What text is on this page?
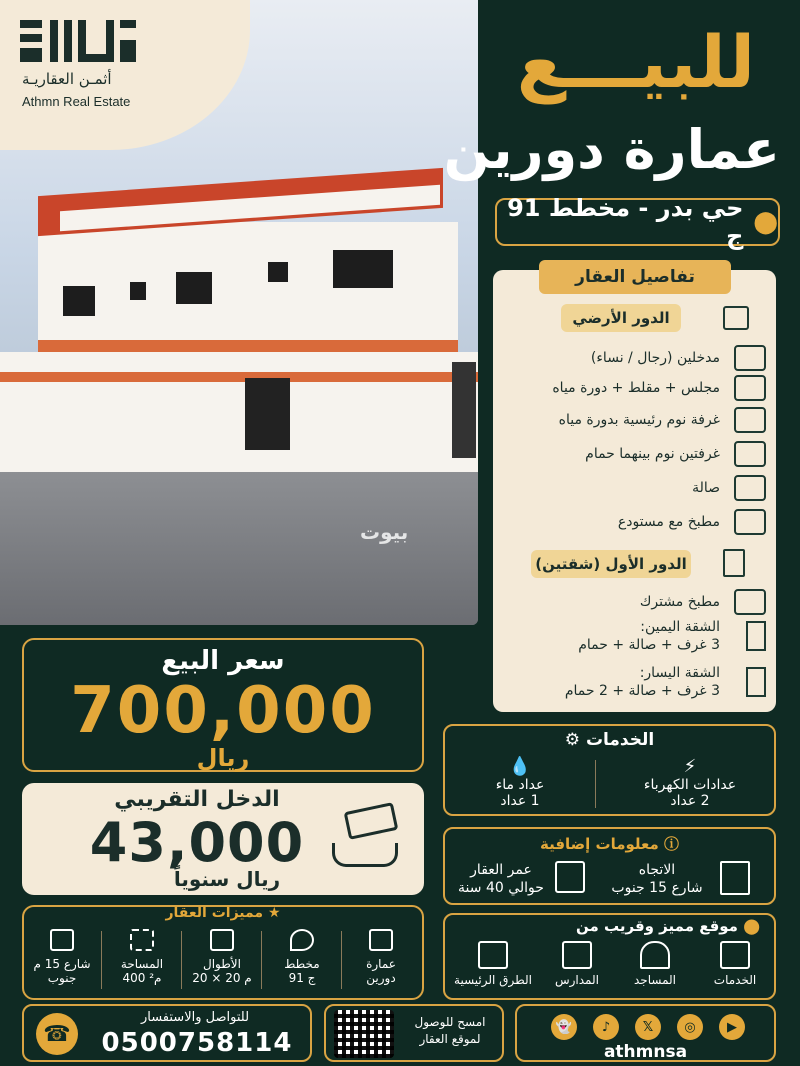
بيوت
أثمـن العقاريـة
Athmn Real Estate	للبيـــع
عمارة دورين
⬤
حي بدر - مخطط 91 ج
تفاصيل العقار
الدور الأرضي
مدخلين (رجال / نساء)
مجلس + مقلط + دورة مياه
غرفة نوم رئيسية بدورة مياه
غرفتين نوم بينهما حمام
صالة
مطبخ مع مستودع
الدور الأول (شقتين)
مطبخ مشترك
الشقة اليمين:
3 غرف + صالة + حمام
الشقة اليسار:
3 غرف + صالة + 2 حمام
سعر البيع
700,000
ريال
الدخل التقريبي
43,000
ريال سنوياً
★ مميزات العقار
عمارة
دورين
مخطط
91 ج
الأطوال
20 × 20 م
المساحة
400 م²
شارع 15 م
جنوب
الخدمات ⚙
⚡
عدادات الكهرباء
2 عداد
💧
عداد ماء
1 عداد
ⓘ معلومات إضافية
الاتجاه
شارع 15 جنوب
عمر العقار
حوالي 40 سنة
⬤ موقع مميز وقريب من
الخدمات
المساجد
المدارس
الطرق الرئيسية
☎
للتواصل والاستفسار
0500758114
امسح للوصول
لموقع العقار
👻	♪	𝕏	◎	▶
athmnsa
